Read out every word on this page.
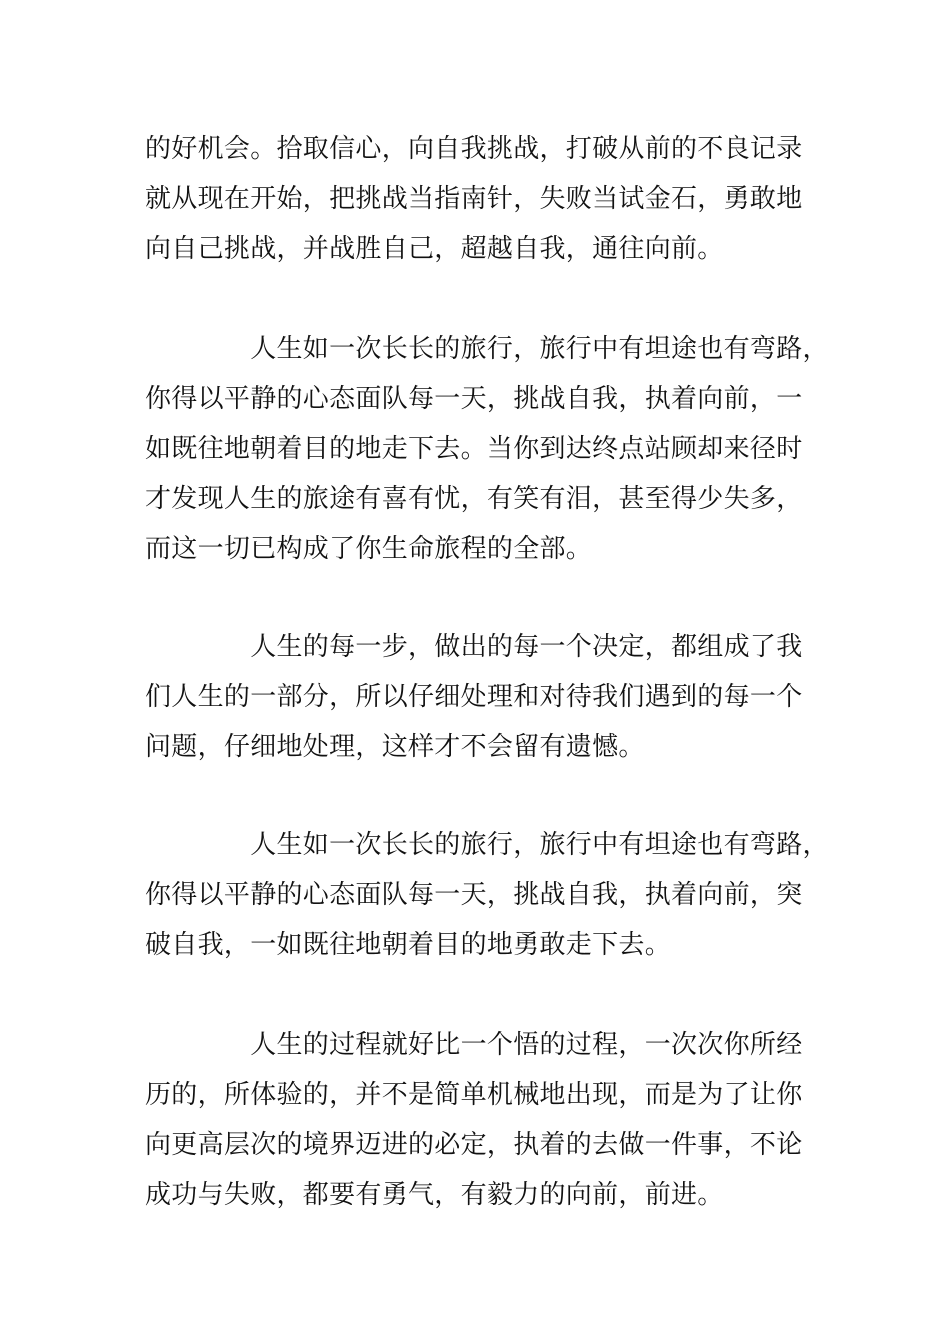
的好机会。拾取信心，向自我挑战，打破从前的不良记录
就从现在开始，把挑战当指南针，失败当试金石，勇敢地
向自己挑战，并战胜自己，超越自我，通往向前。
　　　　人生如一次长长的旅行，旅行中有坦途也有弯路，
你得以平静的心态面队每一天，挑战自我，执着向前，一
如既往地朝着目的地走下去。当你到达终点站顾却来径时
才发现人生的旅途有喜有忧，有笑有泪，甚至得少失多，
而这一切已构成了你生命旅程的全部。
　　　　人生的每一步，做出的每一个决定，都组成了我
们人生的一部分，所以仔细处理和对待我们遇到的每一个
问题，仔细地处理，这样才不会留有遗憾。
　　　　人生如一次长长的旅行，旅行中有坦途也有弯路，
你得以平静的心态面队每一天，挑战自我，执着向前，突
破自我，一如既往地朝着目的地勇敢走下去。
　　　　人生的过程就好比一个悟的过程，一次次你所经
历的，所体验的，并不是简单机械地出现，而是为了让你
向更高层次的境界迈进的必定，执着的去做一件事，不论
成功与失败，都要有勇气，有毅力的向前，前进。
